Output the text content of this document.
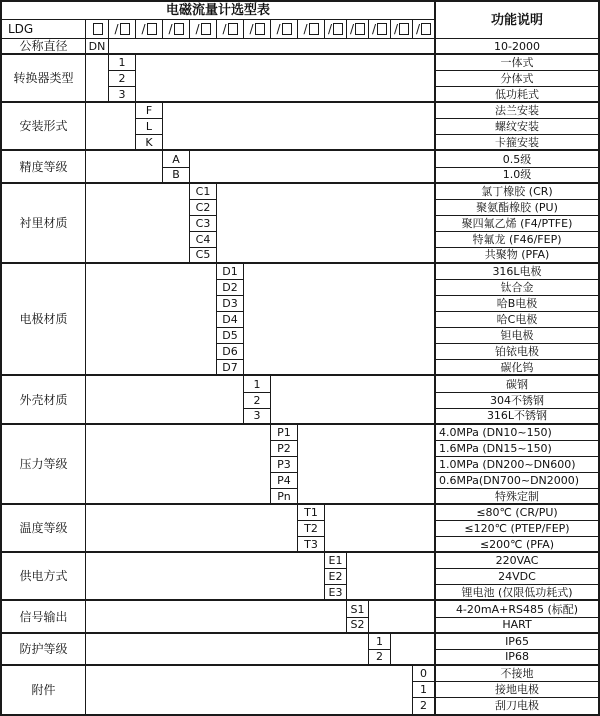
电磁流量计选型表
功能说明
LDG	/ / / / / / / / / / / / /
公称直径	DN	10-2000
转换器类型
1	一体式
2	分体式
3	低功耗式
安装形式
F	法兰安装
L	螺纹安装
K	卡箍安装
精度等级
A	0.5级
B	1.0级
衬里材质
C1	氯丁橡胶 (CR)
C2	聚氨酯橡胶 (PU)
C3	聚四氟乙烯 (F4/PTFE)
C4	特氟龙 (F46/FEP)
C5	共聚物 (PFA)
电极材质
D1	316L电极
D2	钛合金
D3	哈B电极
D4	哈C电极
D5	钽电极
D6	铂铱电极
D7	碳化钨
外壳材质
1	碳钢
2	304不锈钢
3	316L不锈钢
压力等级
P1	4.0MPa (DN10~150)
P2	1.6MPa (DN15~150)
P3	1.0MPa (DN200~DN600)
P4	0.6MPa(DN700~DN2000)
Pn	特殊定制
温度等级
T1	≤80℃ (CR/PU)
T2	≤120℃ (PTEP/FEP)
T3	≤200℃ (PFA)
供电方式
E1	220VAC
E2	24VDC
E3	锂电池 (仅限低功耗式)
信号输出
S1	4-20mA+RS485 (标配)
S2	HART
防护等级
1	IP65
2	IP68
附件
0	不接地
1	接地电极
2	刮刀电极
